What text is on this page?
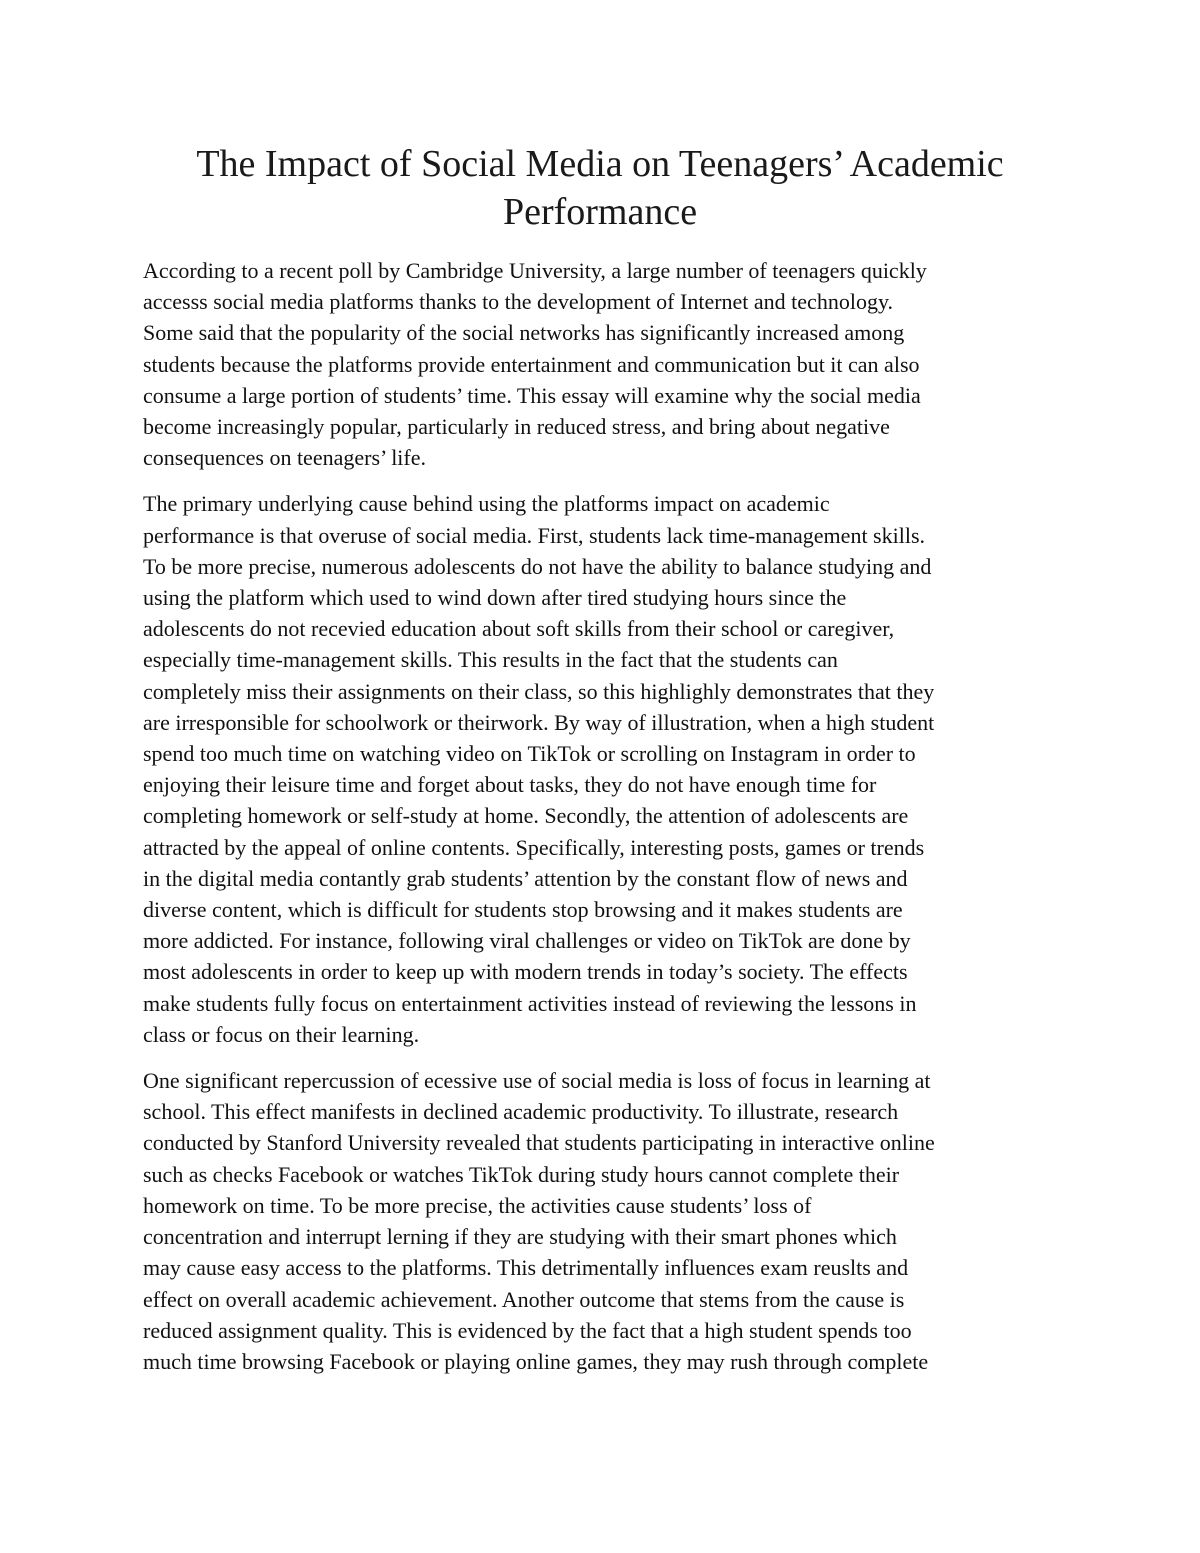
The Impact of Social Media on Teenagers’ Academic
Performance

According to a recent poll by Cambridge University, a large number of teenagers quickly
accesss social media platforms thanks to the development of Internet and technology.
Some said that the popularity of the social networks has significantly increased among
students because the platforms provide entertainment and communication but it can also
consume a large portion of students’ time. This essay will examine why the social media
become increasingly popular, particularly in reduced stress, and bring about negative
consequences on teenagers’ life.

The primary underlying cause behind using the platforms impact on academic
performance is that overuse of social media. First, students lack time-management skills.
To be more precise, numerous adolescents do not have the ability to balance studying and
using the platform which used to wind down after tired studying hours since the
adolescents do not recevied education about soft skills from their school or caregiver,
especially time-management skills. This results in the fact that the students can
completely miss their assignments on their class, so this highlighly demonstrates that they
are irresponsible for schoolwork or theirwork. By way of illustration, when a high student
spend too much time on watching video on TikTok or scrolling on Instagram in order to
enjoying their leisure time and forget about tasks, they do not have enough time for
completing homework or self-study at home. Secondly, the attention of adolescents are
attracted by the appeal of online contents. Specifically, interesting posts, games or trends
in the digital media contantly grab students’ attention by the constant flow of news and
diverse content, which is difficult for students stop browsing and it makes students are
more addicted. For instance, following viral challenges or video on TikTok are done by
most adolescents in order to keep up with modern trends in today’s society. The effects
make students fully focus on entertainment activities instead of reviewing the lessons in
class or focus on their learning.

One significant repercussion of ecessive use of social media is loss of focus in learning at
school. This effect manifests in declined academic productivity. To illustrate, research
conducted by Stanford University revealed that students participating in interactive online
such as checks Facebook or watches TikTok during study hours cannot complete their
homework on time. To be more precise, the activities cause students’ loss of
concentration and interrupt lerning if they are studying with their smart phones which
may cause easy access to the platforms. This detrimentally influences exam reuslts and
effect on overall academic achievement. Another outcome that stems from the cause is
reduced assignment quality. This is evidenced by the fact that a high student spends too
much time browsing Facebook or playing online games, they may rush through complete
